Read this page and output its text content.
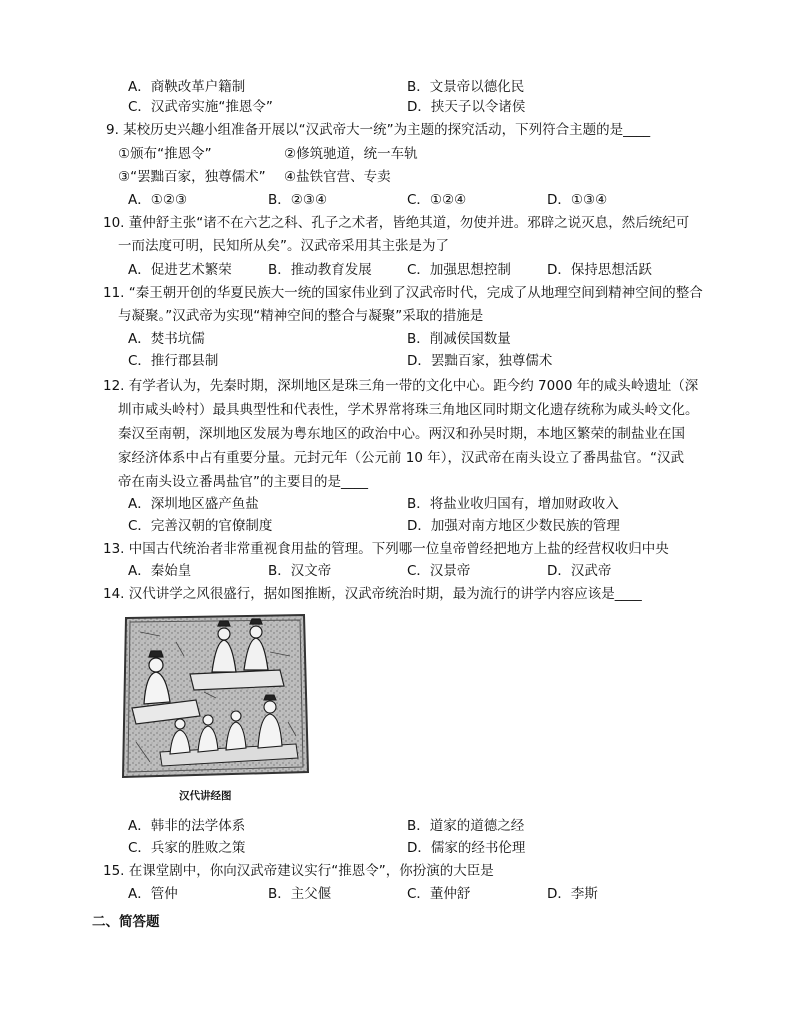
A．商鞅改革户籍制	B．文景帝以德化民
C．汉武帝实施“推恩令”	D．挟天子以令诸侯
9. 某校历史兴趣小组准备开展以“汉武帝大一统”为主题的探究活动，下列符合主题的是____
①颁布“推恩令”	②修筑驰道，统一车轨
③“罢黜百家，独尊儒术” ④盐铁官营、专卖
A．①②③	B．②③④	C．①②④	D．①③④
10. 董仲舒主张“诸不在六艺之科、孔子之术者，皆绝其道，勿使并进。邪辟之说灭息，然后统纪可
一而法度可明，民知所从矣”。汉武帝采用其主张是为了
A．促进艺术繁荣	B．推动教育发展	C．加强思想控制	D．保持思想活跃
11. “秦王朝开创的华夏民族大一统的国家伟业到了汉武帝时代，完成了从地理空间到精神空间的整合
与凝聚。”汉武帝为实现“精神空间的整合与凝聚”采取的措施是
A．焚书坑儒	B．削减侯国数量
C．推行郡县制	D．罢黜百家，独尊儒术
12. 有学者认为，先秦时期，深圳地区是珠三角一带的文化中心。距今约 7000 年的咸头岭遗址（深
圳市咸头岭村）最具典型性和代表性，学术界常将珠三角地区同时期文化遗存统称为咸头岭文化。
秦汉至南朝，深圳地区发展为粤东地区的政治中心。两汉和孙吴时期，本地区繁荣的制盐业在国
家经济体系中占有重要分量。元封元年（公元前 10 年），汉武帝在南头设立了番禺盐官。“汉武
帝在南头设立番禺盐官”的主要目的是____
A．深圳地区盛产鱼盐	B．将盐业收归国有，增加财政收入
C．完善汉朝的官僚制度	D．加强对南方地区少数民族的管理
13. 中国古代统治者非常重视食用盐的管理。下列哪一位皇帝曾经把地方上盐的经营权收归中央
A．秦始皇	B．汉文帝	C．汉景帝	D．汉武帝
14. 汉代讲学之风很盛行，据如图推断，汉武帝统治时期，最为流行的讲学内容应该是____
汉代讲经图
A．韩非的法学体系	B．道家的道德之经
C．兵家的胜败之策	D．儒家的经书伦理
15. 在课堂剧中，你向汉武帝建议实行“推恩令”，你扮演的大臣是
A．管仲	B．主父偃	C．董仲舒	D．李斯
二、简答题
